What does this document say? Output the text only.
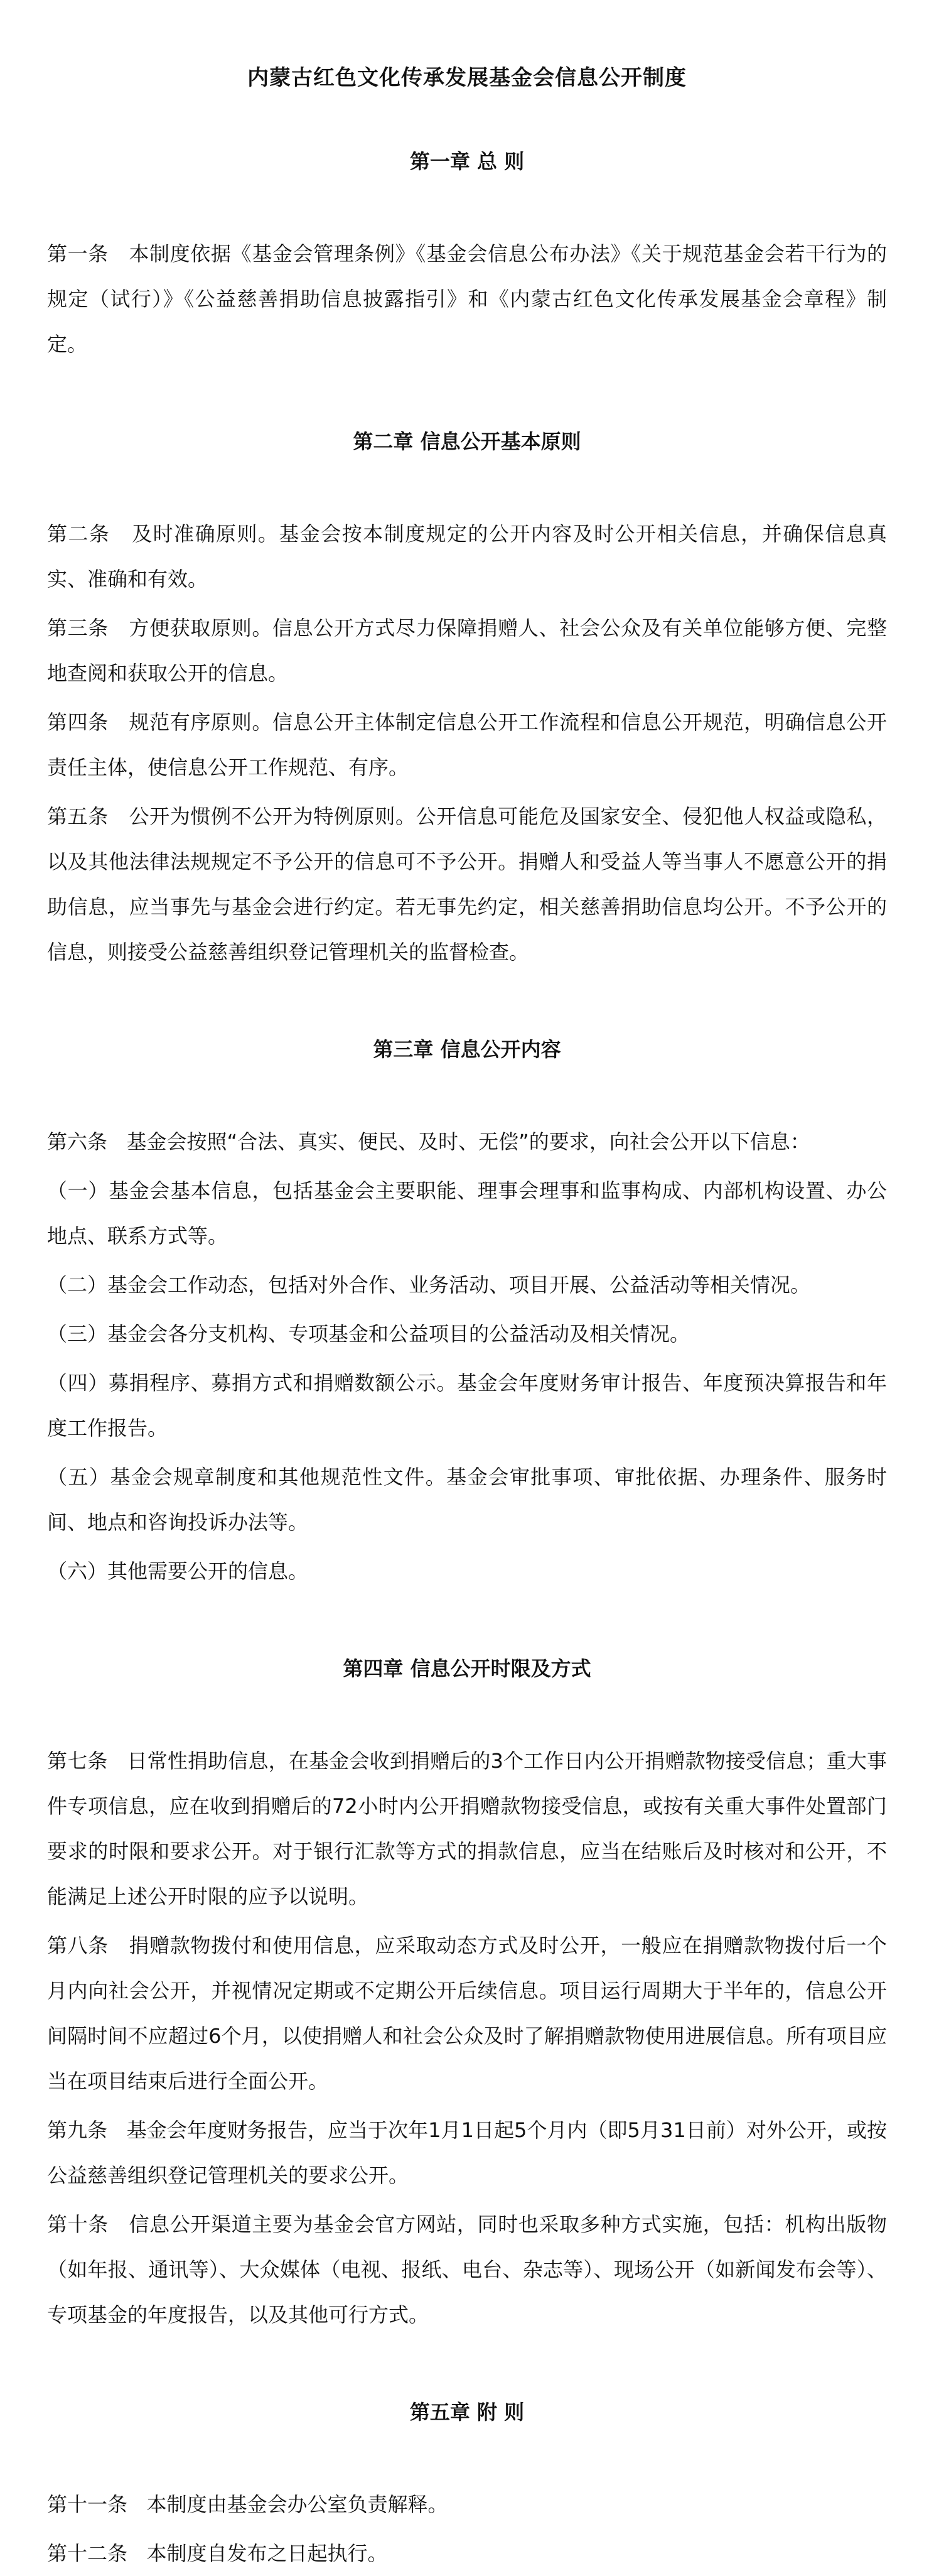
内蒙古红色文化传承发展基金会信息公开制度
第一章 总 则

第一条 本制度依据《基金会管理条例》《基金会信息公布办法》《关于规范基金会若干行为的规定（试行）》《公益慈善捐助信息披露指引》和《内蒙古红色文化传承发展基金会章程》制定。

第二章 信息公开基本原则

第二条 及时准确原则。基金会按本制度规定的公开内容及时公开相关信息，并确保信息真实、准确和有效。

第三条 方便获取原则。信息公开方式尽力保障捐赠人、社会公众及有关单位能够方便、完整地查阅和获取公开的信息。

第四条 规范有序原则。信息公开主体制定信息公开工作流程和信息公开规范，明确信息公开责任主体，使信息公开工作规范、有序。

第五条 公开为惯例不公开为特例原则。公开信息可能危及国家安全、侵犯他人权益或隐私，以及其他法律法规规定不予公开的信息可不予公开。捐赠人和受益人等当事人不愿意公开的捐助信息，应当事先与基金会进行约定。若无事先约定，相关慈善捐助信息均公开。不予公开的信息，则接受公益慈善组织登记管理机关的监督检查。

第三章 信息公开内容

第六条 基金会按照“合法、真实、便民、及时、无偿”的要求，向社会公开以下信息：

（一）基金会基本信息，包括基金会主要职能、理事会理事和监事构成、内部机构设置、办公地点、联系方式等。

（二）基金会工作动态，包括对外合作、业务活动、项目开展、公益活动等相关情况。

（三）基金会各分支机构、专项基金和公益项目的公益活动及相关情况。

（四）募捐程序、募捐方式和捐赠数额公示。基金会年度财务审计报告、年度预决算报告和年度工作报告。

（五）基金会规章制度和其他规范性文件。基金会审批事项、审批依据、办理条件、服务时间、地点和咨询投诉办法等。

（六）其他需要公开的信息。

第四章 信息公开时限及方式

第七条 日常性捐助信息，在基金会收到捐赠后的3个工作日内公开捐赠款物接受信息；重大事件专项信息，应在收到捐赠后的72小时内公开捐赠款物接受信息，或按有关重大事件处置部门要求的时限和要求公开。对于银行汇款等方式的捐款信息，应当在结账后及时核对和公开，不能满足上述公开时限的应予以说明。

第八条 捐赠款物拨付和使用信息，应采取动态方式及时公开，一般应在捐赠款物拨付后一个月内向社会公开，并视情况定期或不定期公开后续信息。项目运行周期大于半年的，信息公开间隔时间不应超过6个月，以使捐赠人和社会公众及时了解捐赠款物使用进展信息。所有项目应当在项目结束后进行全面公开。

第九条 基金会年度财务报告，应当于次年1月1日起5个月内（即5月31日前）对外公开，或按公益慈善组织登记管理机关的要求公开。

第十条 信息公开渠道主要为基金会官方网站，同时也采取多种方式实施，包括：机构出版物（如年报、通讯等）、大众媒体（电视、报纸、电台、杂志等）、现场公开（如新闻发布会等）、专项基金的年度报告，以及其他可行方式。

第五章 附 则

第十一条 本制度由基金会办公室负责解释。

第十二条 本制度自发布之日起执行。
